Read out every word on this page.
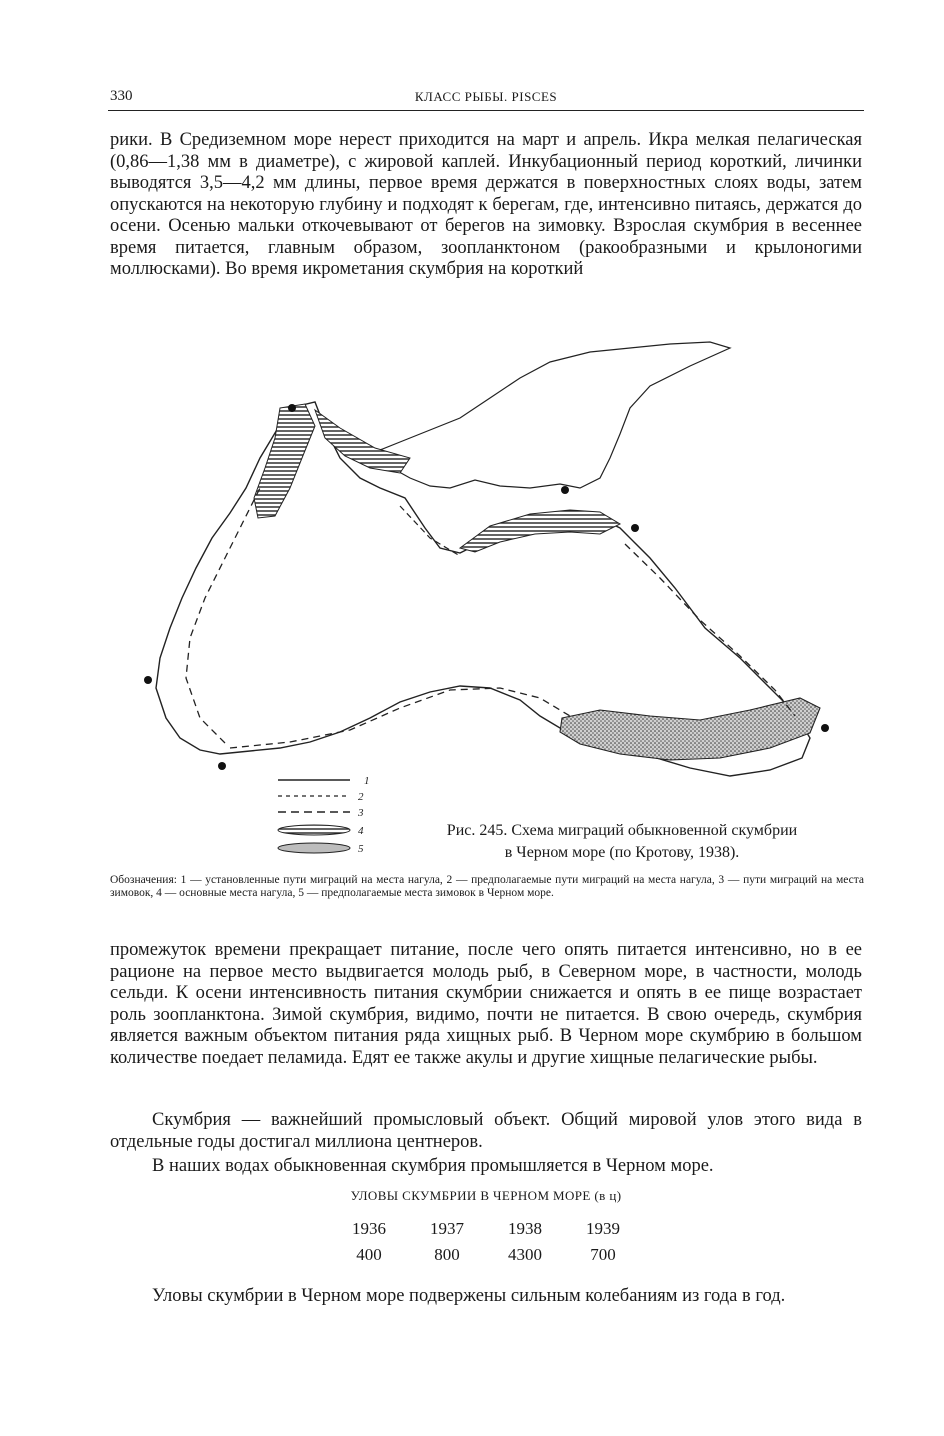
330	КЛАСС РЫБЫ. PISCES

рики. В Средиземном море нерест приходится на март и апрель. Икра мелкая пелагическая (0,86—1,38 мм в диаметре), с жировой каплей. Инкубационный период короткий, личинки выводятся 3,5—4,2 мм длины, первое время держатся в поверхностных слоях воды, затем опускаются на некоторую глубину и подходят к берегам, где, интенсивно питаясь, держатся до осени. Осенью мальки откочевывают от берегов на зимовку. Взрослая скумбрия в весеннее время питается, главным образом, зоопланктоном (ракообразными и крылоногими моллюсками). Во время икрометания скумбрия на короткий

1
2
3
4
5
Рис. 245. Схема миграций обыкновенной скумбрии
в Черном море (по Кротову, 1938).
Обозначения: 1 — установленные пути миграций на места нагула, 2 — предполагаемые пути миграций на места нагула, 3 — пути миграций на места зимовок, 4 — основные места нагула, 5 — предполагаемые места зимовок в Черном море.

промежуток времени прекращает питание, после чего опять питается интенсивно, но в ее рационе на первое место выдвигается молодь рыб, в Северном море, в частности, молодь сельди. К осени интенсивность питания скумбрии снижается и опять в ее пище возрастает роль зоопланктона. Зимой скумбрия, видимо, почти не питается. В свою очередь, скумбрия является важным объектом питания ряда хищных рыб. В Черном море скумбрию в большом количестве поедает пеламида. Едят ее также акулы и другие хищные пелагические рыбы.

Скумбрия — важнейший промысловый объект. Общий мировой улов этого вида в отдельные годы достигал миллиона центнеров.

В наших водах обыкновенная скумбрия промышляется в Черном море.

УЛОВЫ СКУМБРИИ В ЧЕРНОМ МОРЕ (в ц)
1936	1937	1938	1939
400	800	4300	700

Уловы скумбрии в Черном море подвержены сильным колебаниям из года в год.
